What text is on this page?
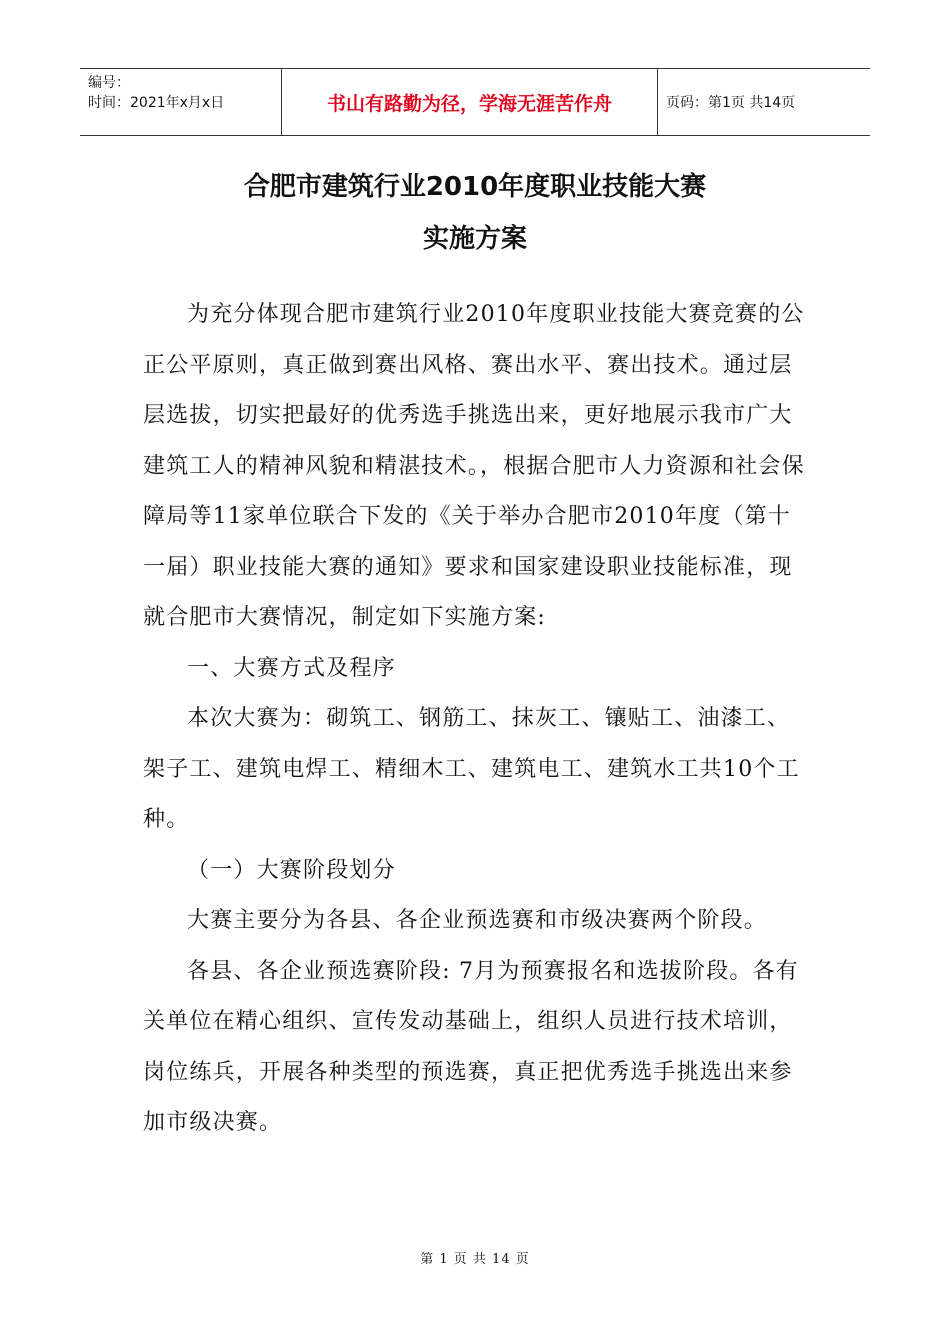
编号：
时间：2021年x月x日	书山有路勤为径，学海无涯苦作舟	页码：第1页 共14页
合肥市建筑行业2010年度职业技能大赛
实施方案

为充分体现合肥市建筑行业2010年度职业技能大赛竞赛的公正公平原则，真正做到赛出风格、赛出水平、赛出技术。通过层层选拔，切实把最好的优秀选手挑选出来，更好地展示我市广大建筑工人的精神风貌和精湛技术。，根据合肥市人力资源和社会保障局等11家单位联合下发的《关于举办合肥市2010年度（第十一届）职业技能大赛的通知》要求和国家建设职业技能标准，现就合肥市大赛情况，制定如下实施方案:

一、大赛方式及程序

本次大赛为：砌筑工、钢筋工、抹灰工、镶贴工、油漆工、架子工、建筑电焊工、精细木工、建筑电工、建筑水工共10个工种。

（一）大赛阶段划分

大赛主要分为各县、各企业预选赛和市级决赛两个阶段。

各县、各企业预选赛阶段: 7月为预赛报名和选拔阶段。各有关单位在精心组织、宣传发动基础上，组织人员进行技术培训，岗位练兵，开展各种类型的预选赛，真正把优秀选手挑选出来参加市级决赛。

第 1 页 共 14 页
